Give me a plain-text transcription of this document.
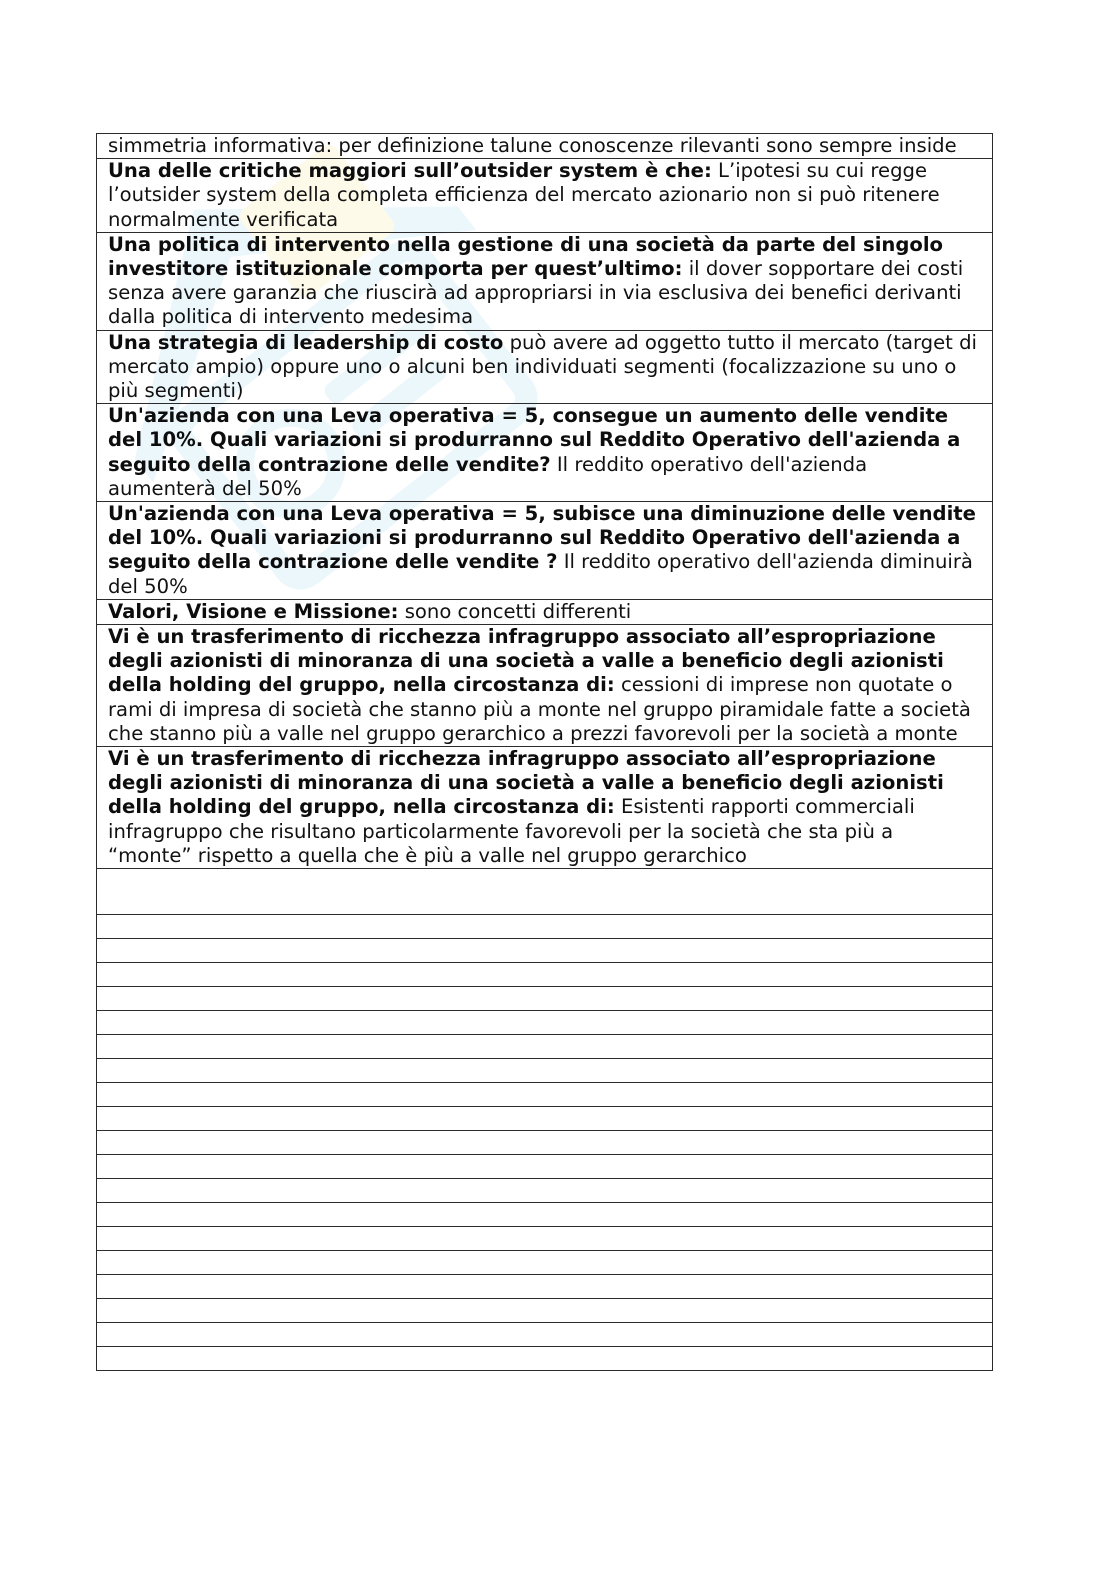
simmetria informativa: per definizione talune conoscenze rilevanti sono sempre inside
Una delle critiche maggiori sull’outsider system è che: L’ipotesi su cui regge l’outsider system della completa efficienza del mercato azionario non si può ritenere normalmente verificata
Una politica di intervento nella gestione di una società da parte del singolo investitore istituzionale comporta per quest’ultimo: il dover sopportare dei costi senza avere garanzia che riuscirà ad appropriarsi in via esclusiva dei benefici derivanti dalla politica di intervento medesima
Una strategia di leadership di costo può avere ad oggetto tutto il mercato (target di mercato ampio) oppure uno o alcuni ben individuati segmenti (focalizzazione su uno o più segmenti)
Un'azienda con una Leva operativa = 5, consegue un aumento delle vendite del 10%. Quali variazioni si produrranno sul Reddito Operativo dell'azienda a seguito della contrazione delle vendite? Il reddito operativo dell'azienda aumenterà del 50%
Un'azienda con una Leva operativa = 5, subisce una diminuzione delle vendite del 10%. Quali variazioni si produrranno sul Reddito Operativo dell'azienda a seguito della contrazione delle vendite ? Il reddito operativo dell'azienda diminuirà del 50%
Valori, Visione e Missione: sono concetti differenti
Vi è un trasferimento di ricchezza infragruppo associato all’espropriazione degli azionisti di minoranza di una società a valle a beneficio degli azionisti della holding del gruppo, nella circostanza di: cessioni di imprese non quotate o rami di impresa di società che stanno più a monte nel gruppo piramidale fatte a società che stanno più a valle nel gruppo gerarchico a prezzi favorevoli per la società a monte
Vi è un trasferimento di ricchezza infragruppo associato all’espropriazione degli azionisti di minoranza di una società a valle a beneficio degli azionisti della holding del gruppo, nella circostanza di: Esistenti rapporti commerciali infragruppo che risultano particolarmente favorevoli per la società che sta più a “monte” rispetto a quella che è più a valle nel gruppo gerarchico
